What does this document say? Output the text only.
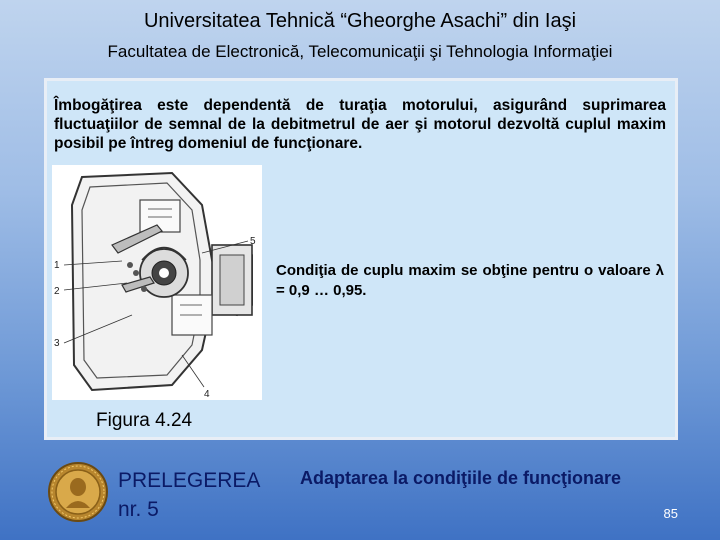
Universitatea Tehnică “Gheorghe Asachi” din Iaşi
Facultatea de Electronică, Telecomunicaţii şi Tehnologia Informaţiei
Îmbogăţirea este dependentă de turaţia motorului, asigurând suprimarea fluctuaţiilor de semnal de la debitmetrul de aer şi motorul dezvoltă cuplul maxim posibil pe întreg domeniul de funcţionare.
1
2
3
4
5
Condiţia de cuplu maxim se obţine pentru o valoare λ = 0,9 … 0,95.
Figura 4.24
PRELEGEREA
nr. 5
Adaptarea la condiţiile de funcţionare
85
